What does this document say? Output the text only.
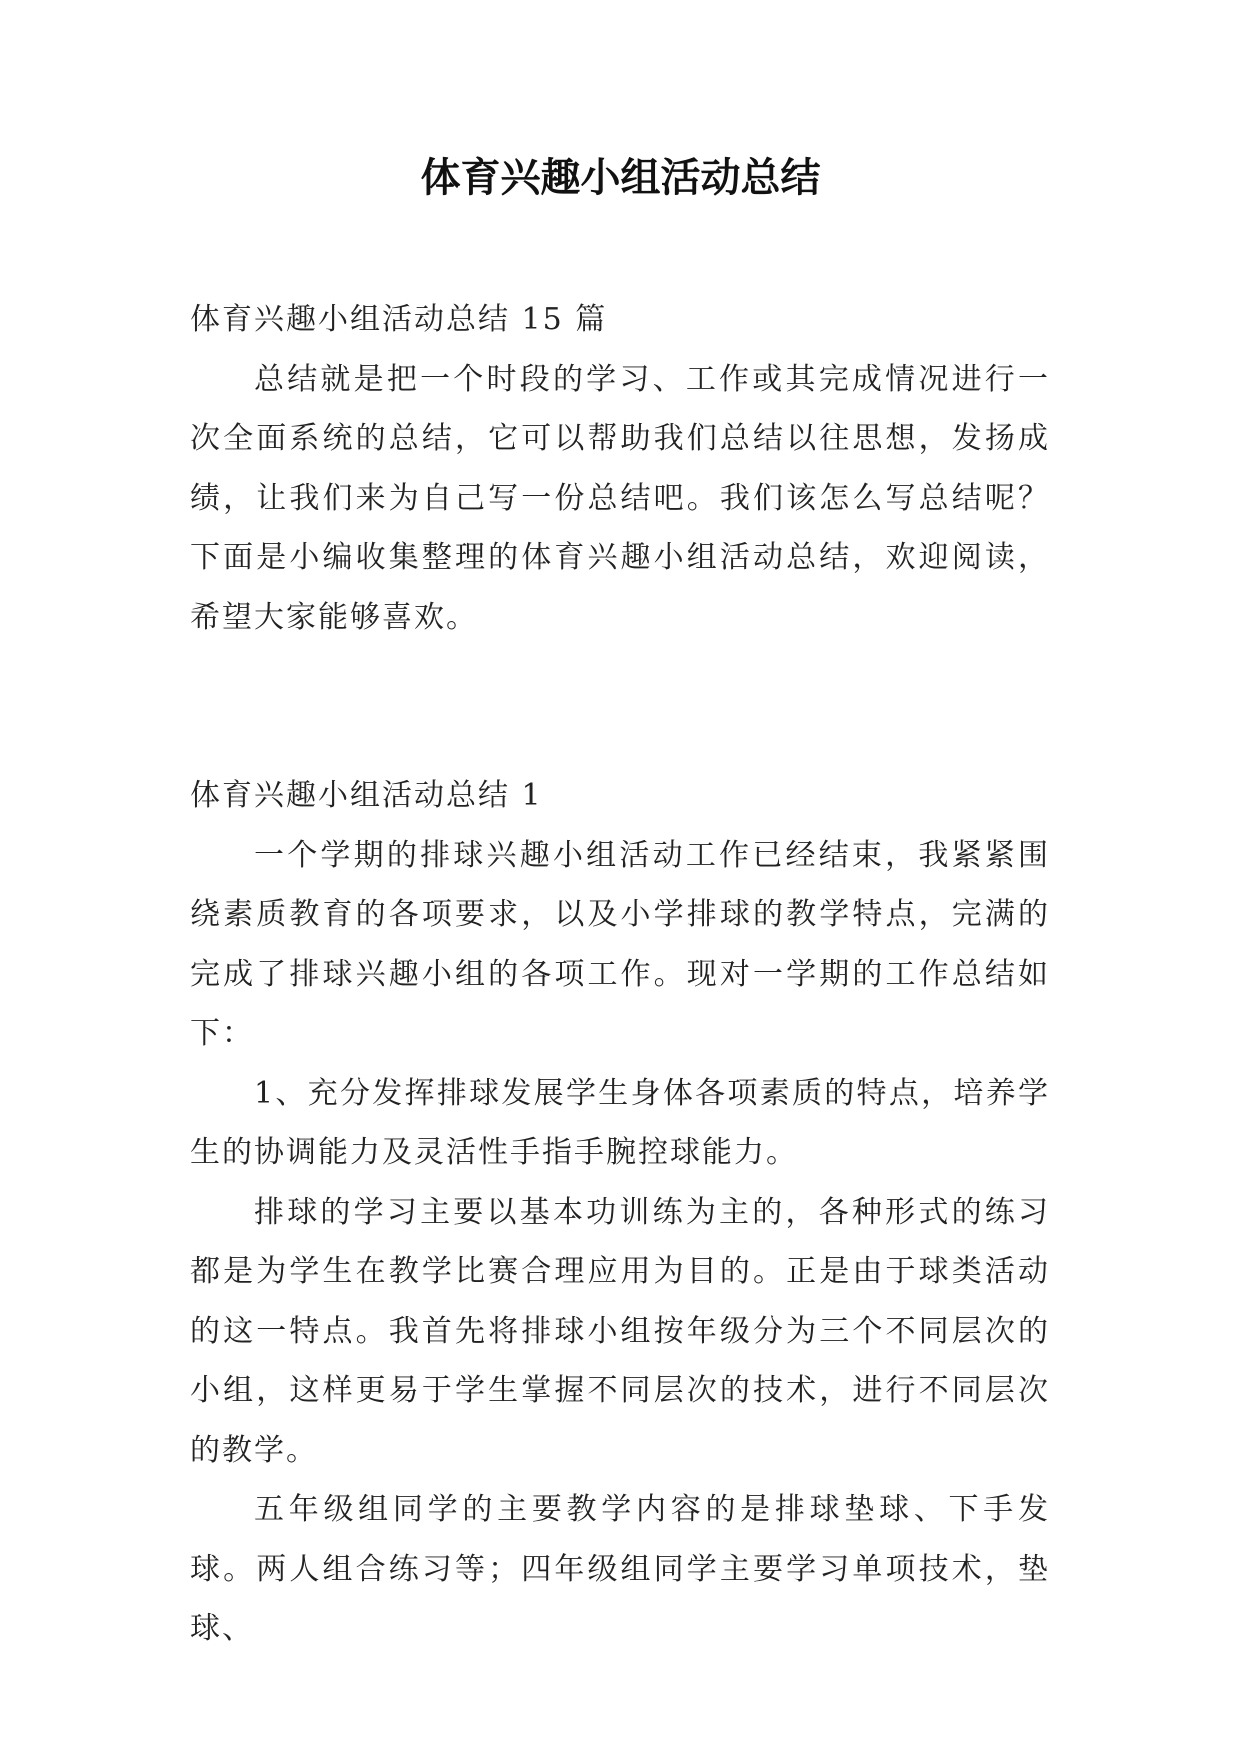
体育兴趣小组活动总结

体育兴趣小组活动总结 15 篇

总结就是把一个时段的学习、工作或其完成情况进行一次全面系统的总结，它可以帮助我们总结以往思想，发扬成绩，让我们来为自己写一份总结吧。我们该怎么写总结呢？下面是小编收集整理的体育兴趣小组活动总结，欢迎阅读，希望大家能够喜欢。

体育兴趣小组活动总结 1

一个学期的排球兴趣小组活动工作已经结束，我紧紧围绕素质教育的各项要求，以及小学排球的教学特点，完满的完成了排球兴趣小组的各项工作。现对一学期的工作总结如下：

1、充分发挥排球发展学生身体各项素质的特点，培养学生的协调能力及灵活性手指手腕控球能力。

排球的学习主要以基本功训练为主的，各种形式的练习都是为学生在教学比赛合理应用为目的。正是由于球类活动的这一特点。我首先将排球小组按年级分为三个不同层次的小组，这样更易于学生掌握不同层次的技术，进行不同层次的教学。

五年级组同学的主要教学内容的是排球垫球、下手发球。两人组合练习等；四年级组同学主要学习单项技术，垫球、
